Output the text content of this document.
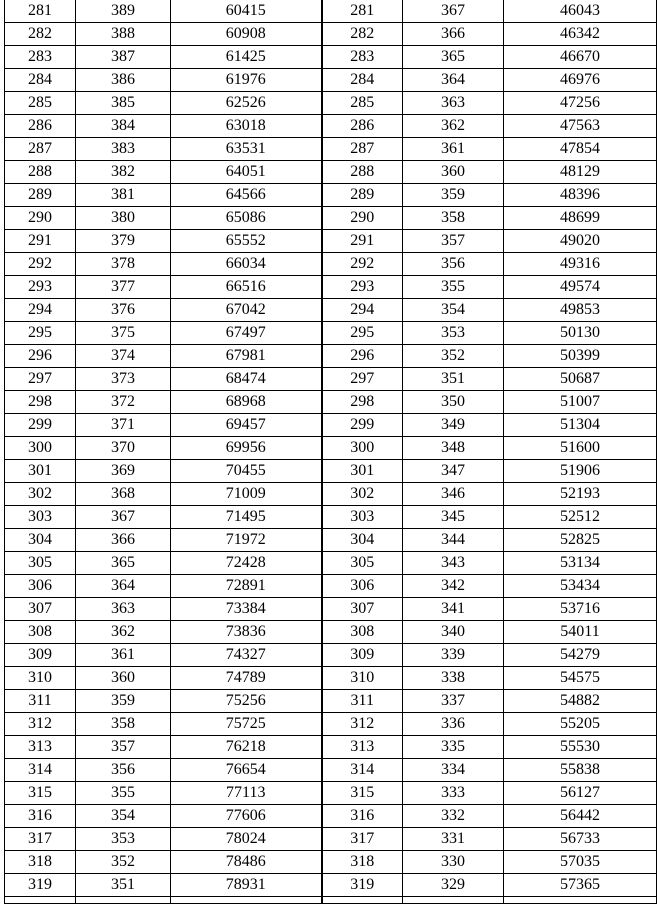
281	389	60415	281	367	46043
282	388	60908	282	366	46342
283	387	61425	283	365	46670
284	386	61976	284	364	46976
285	385	62526	285	363	47256
286	384	63018	286	362	47563
287	383	63531	287	361	47854
288	382	64051	288	360	48129
289	381	64566	289	359	48396
290	380	65086	290	358	48699
291	379	65552	291	357	49020
292	378	66034	292	356	49316
293	377	66516	293	355	49574
294	376	67042	294	354	49853
295	375	67497	295	353	50130
296	374	67981	296	352	50399
297	373	68474	297	351	50687
298	372	68968	298	350	51007
299	371	69457	299	349	51304
300	370	69956	300	348	51600
301	369	70455	301	347	51906
302	368	71009	302	346	52193
303	367	71495	303	345	52512
304	366	71972	304	344	52825
305	365	72428	305	343	53134
306	364	72891	306	342	53434
307	363	73384	307	341	53716
308	362	73836	308	340	54011
309	361	74327	309	339	54279
310	360	74789	310	338	54575
311	359	75256	311	337	54882
312	358	75725	312	336	55205
313	357	76218	313	335	55530
314	356	76654	314	334	55838
315	355	77113	315	333	56127
316	354	77606	316	332	56442
317	353	78024	317	331	56733
318	352	78486	318	330	57035
319	351	78931	319	329	57365
